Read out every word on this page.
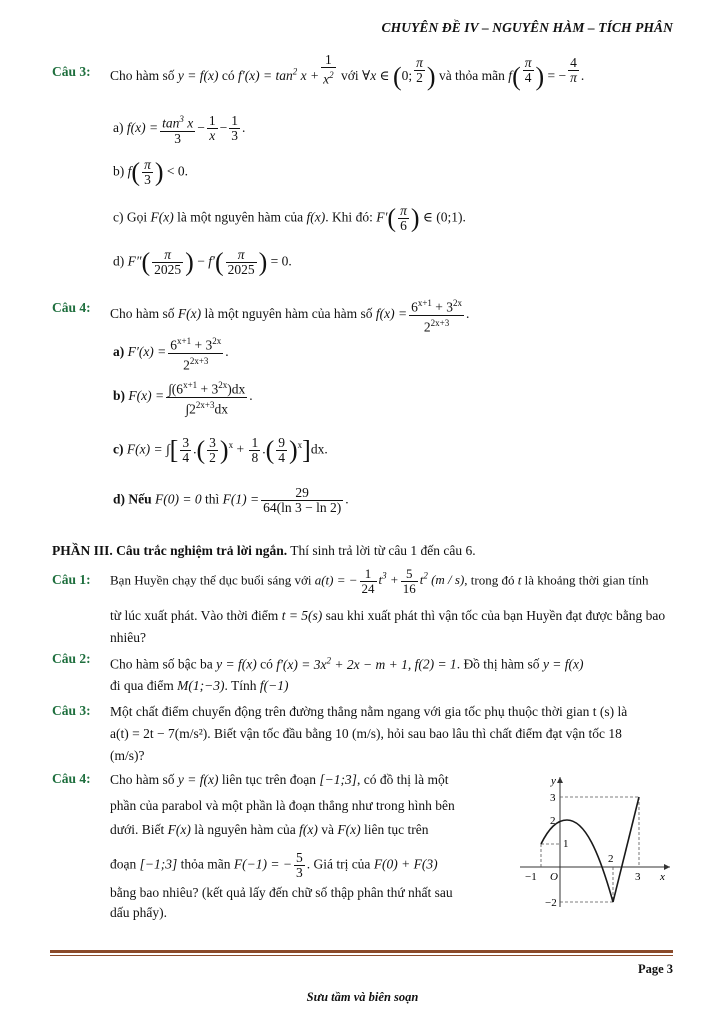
CHUYÊN ĐỀ IV – NGUYÊN HÀM – TÍCH PHÂN
Câu 3: Cho hàm số y = f(x) có $f'(x) = \tan^2 x + \frac{1}{x^2}$ với ∀x ∈ (0; $\frac{\pi}{2}$ ) và thỏa mãn $f( \frac{\pi}{4}$ ) = − $\frac{4}{\pi}$ .
a) $f(x) = \frac{\tan^3 x}{3} - \frac{1}{x} - \frac{1}{3}$ .
b) $f( \frac{\pi}{3}$ ) < 0.
c) Gọi F(x) là một nguyên hàm của f(x). Khi đó: $F'( \frac{\pi}{6}$ ) ∈ (0;1).
d) $F''( \frac{\pi}{2025}$ ) − $f'( \frac{\pi}{2025}$ ) = 0.
Câu 4: Cho hàm số F(x) là một nguyên hàm của hàm số $f(x) = \frac{6^{x+1} + 3^{2x}}{2^{2x+3}}$ .
a) $F'(x) = \frac{6^{x+1} + 3^{2x}}{2^{2x+3}}$ .
b) $F(x) = \frac{\int(6^{x+1} + 3^{2x})dx}{\int 2^{2x+3}dx}$ .
c) F(x) = ∫[ $\frac{3}{4}$ .( $\frac{3}{2} )^x + \frac{1}{8}$ .( $\frac{9}{4} )^x]dx$.
d) Nếu F(0) = 0 thì $F(1) = \frac{29}{64(\ln 3 - \ln 2)}$ .
PHẦN III. Câu trắc nghiệm trả lời ngắn. Thí sinh trả lời từ câu 1 đến câu 6.
Câu 1: Bạn Huyền chạy thể dục buổi sáng với a(t) = − $\frac{1}{24} t^3 + \frac{5}{16} t^2$ (m / s), trong đó t là khoảng thời gian tính
từ lúc xuất phát. Vào thời điểm t = 5(s) sau khi xuất phát thì vận tốc của bạn Huyền đạt được bằng bao
nhiêu?
Câu 2: Cho hàm số bậc ba y = f(x) có $f'(x) = 3x^2 + 2x - m + 1$, f(2) = 1. Đồ thị hàm số y = f(x)
đi qua điểm M(1;−3). Tính f(−1)
Câu 3: Một chất điểm chuyển động trên đường thẳng nằm ngang với gia tốc phụ thuộc thời gian t (s) là
a(t) = 2t − 7(m/s²). Biết vận tốc đầu bằng 10 (m/s), hỏi sau bao lâu thì chất điểm đạt vận tốc 18
(m/s)?
Câu 4: Cho hàm số y = f(x) liên tục trên đoạn [−1;3], có đồ thị là một
phần của parabol và một phần là đoạn thẳng như trong hình bên
dưới. Biết F(x) là nguyên hàm của f(x) và F(x) liên tục trên
đoạn [−1;3] thỏa mãn F(−1) = − $\frac{5}{3}$ . Giá trị của F(0) + F(3)
bằng bao nhiêu? (kết quả lấy đến chữ số thập phân thứ nhất sau
dấu phẩy).
y
x
O
3
2
1
−1
2
3
−2
Page 3
Sưu tầm và biên soạn
